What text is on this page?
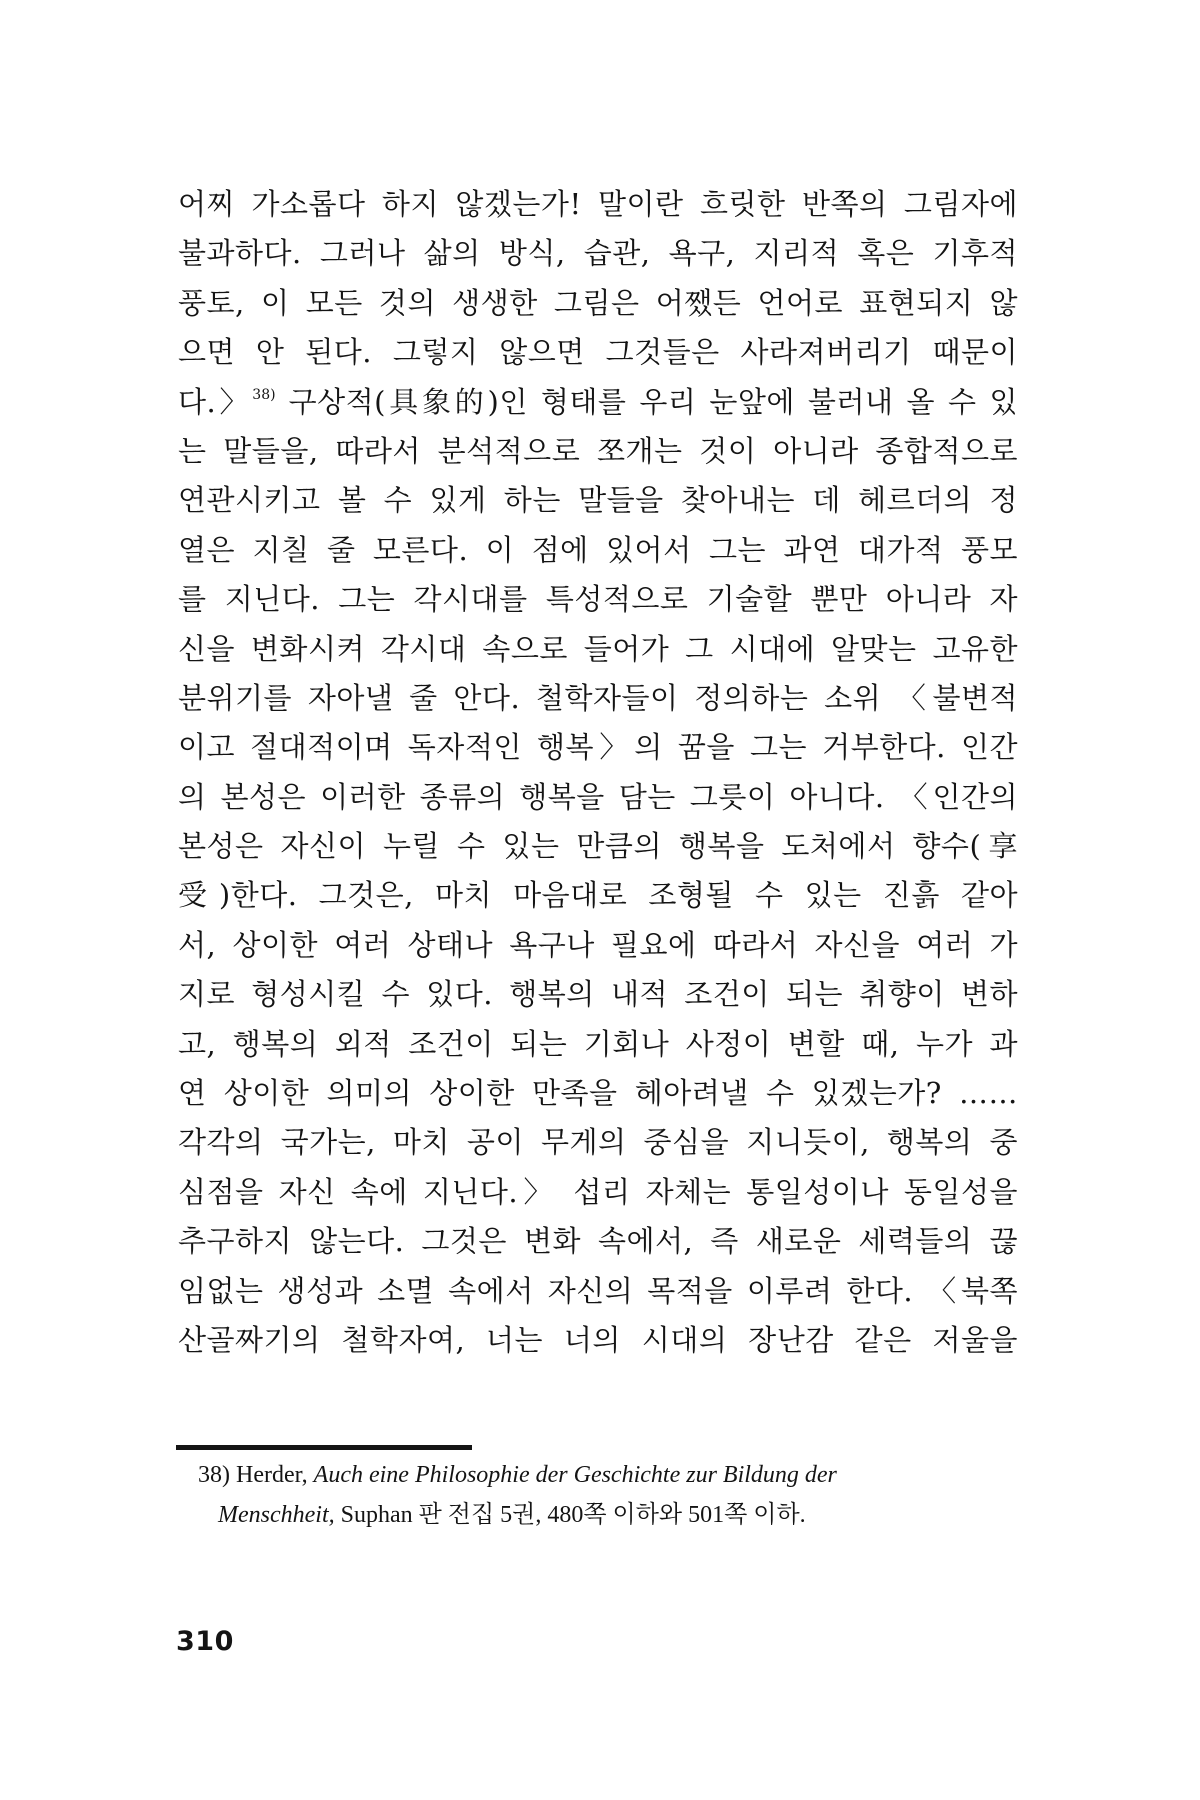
어찌 가소롭다 하지 않겠는가! 말이란 흐릿한 반쪽의 그림자에
불과하다. 그러나 삶의 방식, 습관, 욕구, 지리적 혹은 기후적
풍토, 이 모든 것의 생생한 그림은 어쨌든 언어로 표현되지 않
으면 안 된다. 그렇지 않으면 그것들은 사라져버리기 때문이
다.〉$^{38)}$ 구상적(具象的)인 형태를 우리 눈앞에 불러내 올 수 있
는 말들을, 따라서 분석적으로 쪼개는 것이 아니라 종합적으로
연관시키고 볼 수 있게 하는 말들을 찾아내는 데 헤르더의 정
열은 지칠 줄 모른다. 이 점에 있어서 그는 과연 대가적 풍모
를 지닌다. 그는 각시대를 특성적으로 기술할 뿐만 아니라 자
신을 변화시켜 각시대 속으로 들어가 그 시대에 알맞는 고유한
분위기를 자아낼 줄 안다. 철학자들이 정의하는 소위 〈불변적
이고 절대적이며 독자적인 행복〉의 꿈을 그는 거부한다. 인간
의 본성은 이러한 종류의 행복을 담는 그릇이 아니다. 〈인간의
본성은 자신이 누릴 수 있는 만큼의 행복을 도처에서 향수(享
受)한다. 그것은, 마치 마음대로 조형될 수 있는 진흙 같아
서, 상이한 여러 상태나 욕구나 필요에 따라서 자신을 여러 가
지로 형성시킬 수 있다. 행복의 내적 조건이 되는 취향이 변하
고, 행복의 외적 조건이 되는 기회나 사정이 변할 때, 누가 과
연 상이한 의미의 상이한 만족을 헤아려낼 수 있겠는가? ……
각각의 국가는, 마치 공이 무게의 중심을 지니듯이, 행복의 중
심점을 자신 속에 지닌다.〉 섭리 자체는 통일성이나 동일성을
추구하지 않는다. 그것은 변화 속에서, 즉 새로운 세력들의 끊
임없는 생성과 소멸 속에서 자신의 목적을 이루려 한다. 〈북쪽
산골짜기의 철학자여, 너는 너의 시대의 장난감 같은 저울을
38) Herder, Auch eine Philosophie der Geschichte zur Bildung der
Menschheit, Suphan 판 전집 5권, 480쪽 이하와 501쪽 이하.
310
